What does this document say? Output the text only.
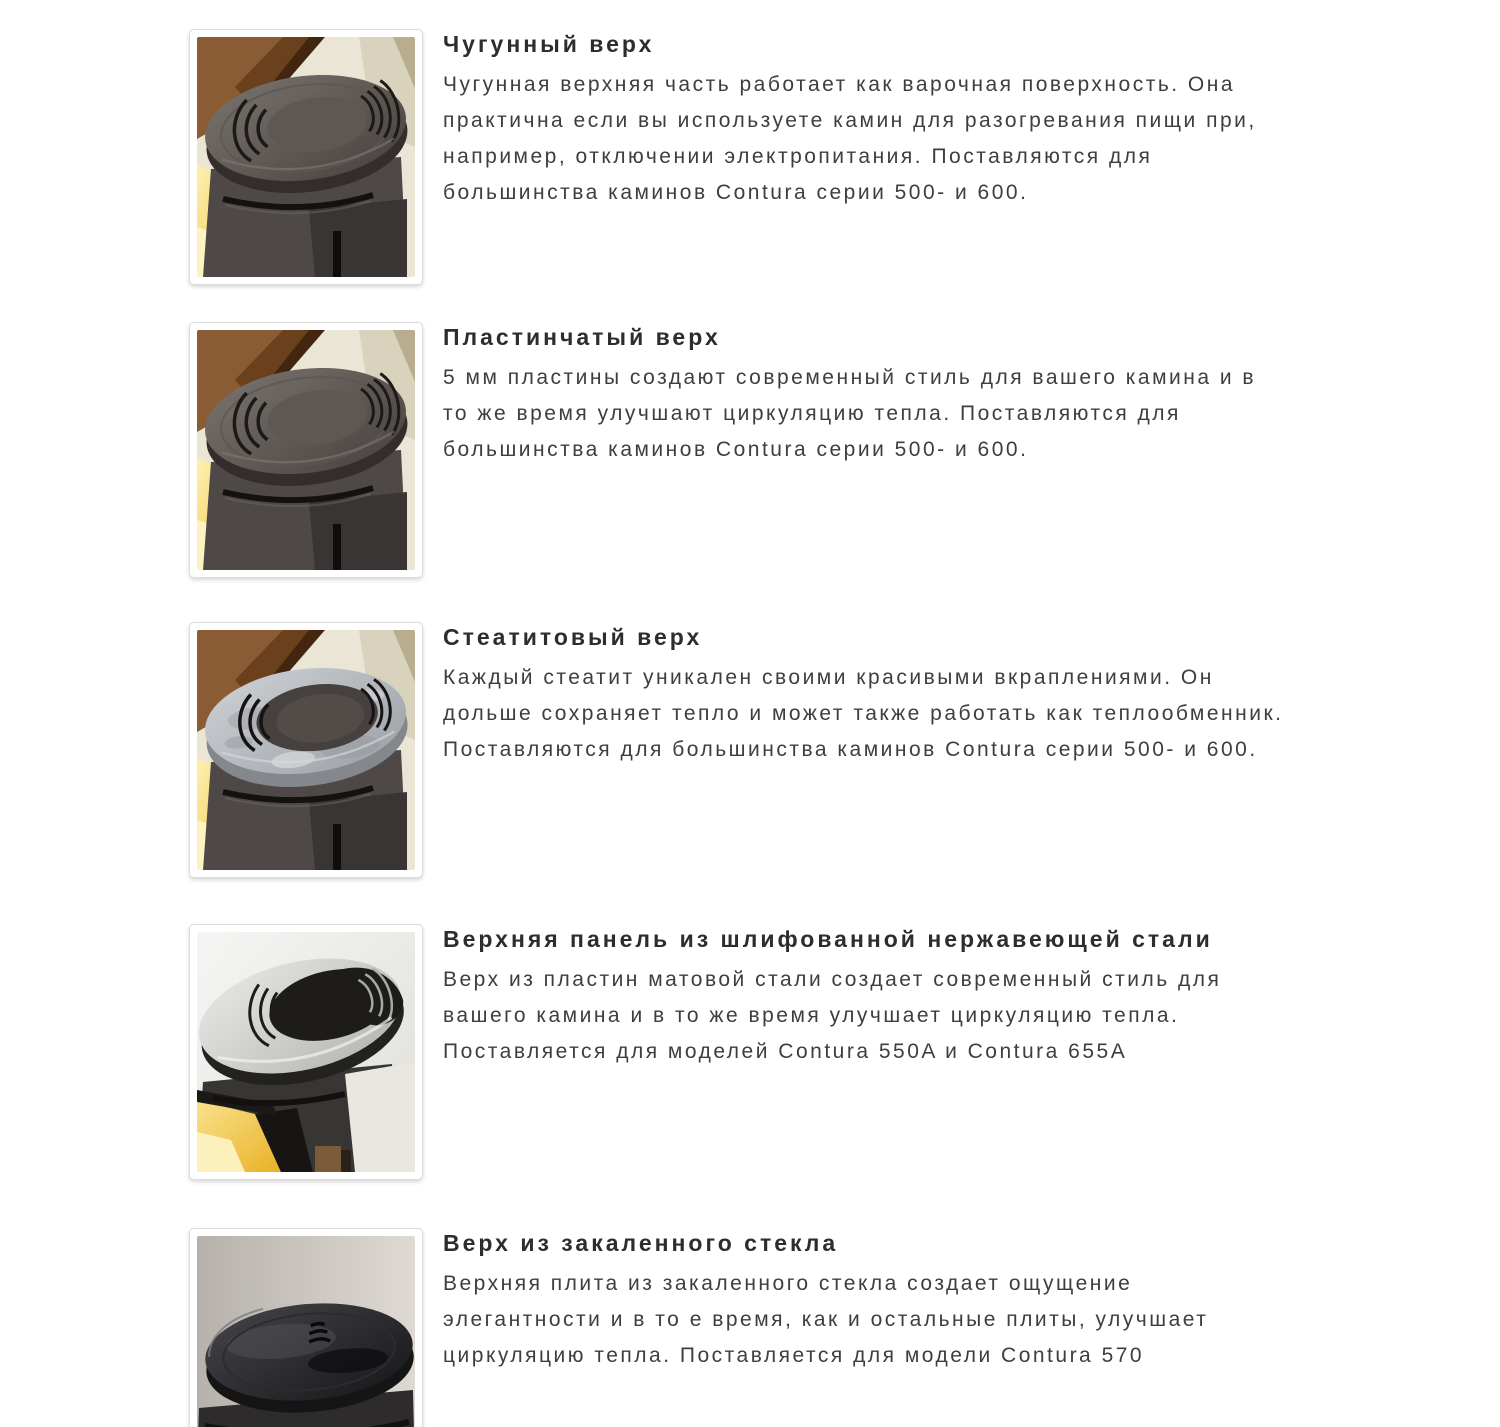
Чугунный верх

Чугунная верхняя часть работает как варочная поверхность. Она практична если вы используете камин для разогревания пищи при, например, отключении электропитания. Поставляются для большинства каминов Contura серии 500- и 600.

Пластинчатый верх

5 мм пластины создают современный стиль для вашего камина и в то же время улучшают циркуляцию тепла. Поставляются для большинства каминов Contura серии 500- и 600.

Стеатитовый верх

Каждый стеатит уникален своими красивыми вкраплениями. Он дольше сохраняет тепло и может также работать как теплообменник. Поставляются для большинства каминов Contura серии 500- и 600.

Верхняя панель из шлифованной нержавеющей стали

Верх из пластин матовой стали создает современный стиль для вашего камина и в то же время улучшает циркуляцию тепла. Поставляется для моделей Contura 550A и Contura 655A

Верх из закаленного стекла

Верхняя плита из закаленного стекла создает ощущение элегантности и в то е время, как и остальные плиты, улучшает циркуляцию тепла. Поставляется для модели Contura 570
